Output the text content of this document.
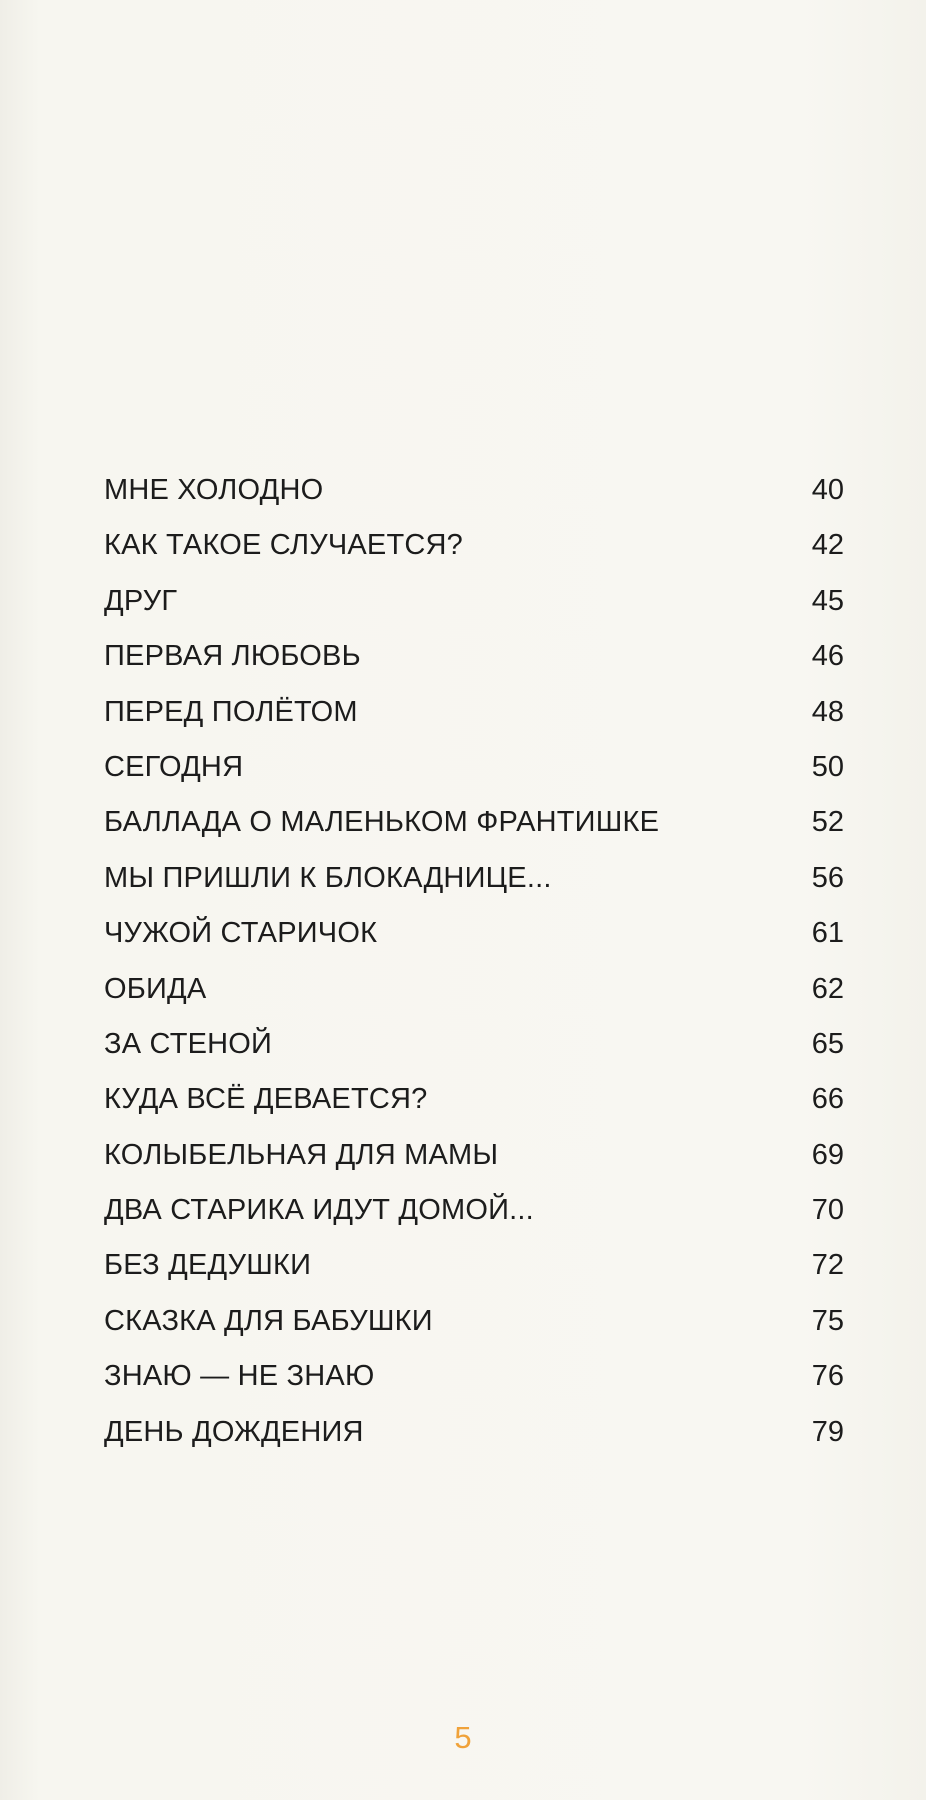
МНЕ ХОЛОДНО	40
КАК ТАКОЕ СЛУЧАЕТСЯ?	42
ДРУГ	45
ПЕРВАЯ ЛЮБОВЬ	46
ПЕРЕД ПОЛЁТОМ	48
СЕГОДНЯ	50
БАЛЛАДА О МАЛЕНЬКОМ ФРАНТИШКЕ	52
МЫ ПРИШЛИ К БЛОКАДНИЦЕ...	56
ЧУЖОЙ СТАРИЧОК	61
ОБИДА	62
ЗА СТЕНОЙ	65
КУДА ВСЁ ДЕВАЕТСЯ?	66
КОЛЫБЕЛЬНАЯ ДЛЯ МАМЫ	69
ДВА СТАРИКА ИДУТ ДОМОЙ...	70
БЕЗ ДЕДУШКИ	72
СКАЗКА ДЛЯ БАБУШКИ	75
ЗНАЮ — НЕ ЗНАЮ	76
ДЕНЬ ДОЖДЕНИЯ	79
5
